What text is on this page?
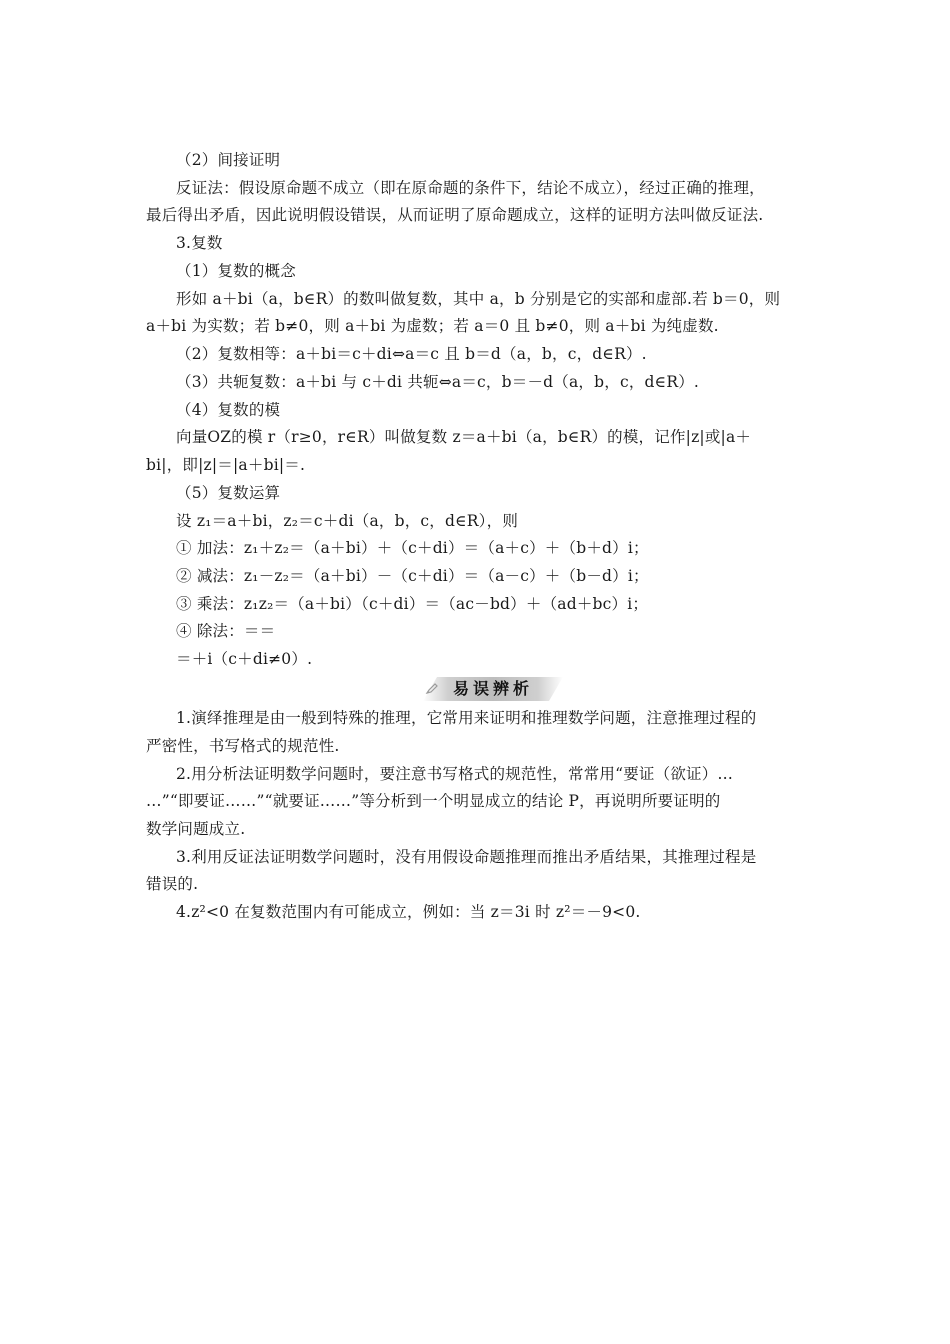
（2）间接证明
反证法：假设原命题不成立（即在原命题的条件下，结论不成立），经过正确的推理，
最后得出矛盾，因此说明假设错误，从而证明了原命题成立，这样的证明方法叫做反证法.
3.复数
（1）复数的概念
形如 a＋bi（a，b∈R）的数叫做复数，其中 a，b 分别是它的实部和虚部.若 b＝0，则
a＋bi 为实数；若 b≠0，则 a＋bi 为虚数；若 a＝0 且 b≠0，则 a＋bi 为纯虚数.
（2）复数相等：a＋bi＝c＋di⇔a＝c 且 b＝d（a，b，c，d∈R）.
（3）共轭复数：a＋bi 与 c＋di 共轭⇔a＝c，b＝－d（a，b，c，d∈R）.
（4）复数的模
向量OZ的模 r（r≥0，r∈R）叫做复数 z＝a＋bi（a，b∈R）的模，记作|z|或|a＋
bi|，即|z|＝|a＋bi|＝.
（5）复数运算
设 z₁＝a＋bi，z₂＝c＋di（a，b，c，d∈R），则
① 加法：z₁＋z₂＝（a＋bi）＋（c＋di）＝（a＋c）＋（b＋d）i；
② 减法：z₁－z₂＝（a＋bi）－（c＋di）＝（a－c）＋（b－d）i；
③ 乘法：z₁z₂＝（a＋bi）（c＋di）＝（ac－bd）＋（ad＋bc）i；
④ 除法：＝＝
＝＋i（c＋di≠0）.
易误辨析
1.演绎推理是由一般到特殊的推理，它常用来证明和推理数学问题，注意推理过程的
严密性，书写格式的规范性.
2.用分析法证明数学问题时，要注意书写格式的规范性，常常用“要证（欲证）…
…”“即要证……”“就要证……”等分析到一个明显成立的结论 P，再说明所要证明的
数学问题成立.
3.利用反证法证明数学问题时，没有用假设命题推理而推出矛盾结果，其推理过程是
错误的.
4.z²<0 在复数范围内有可能成立，例如：当 z＝3i 时 z²＝－9<0.
